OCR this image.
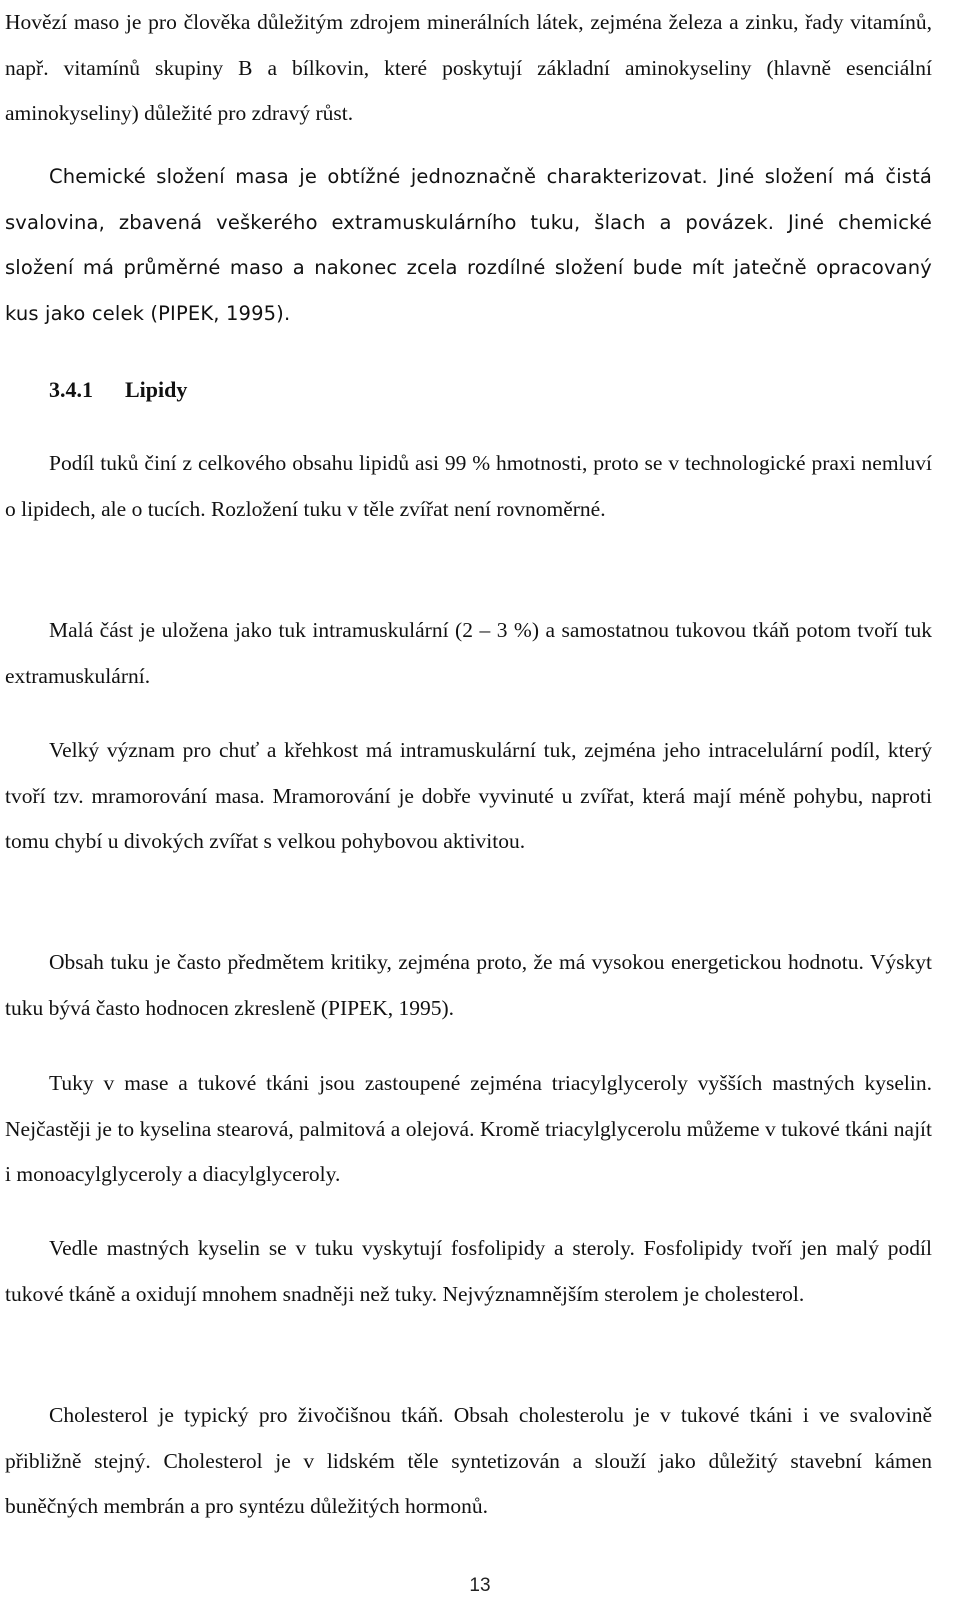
Hovězí maso je pro člověka důležitým zdrojem minerálních látek, zejména železa a zinku, řady vitamínů, např. vitamínů skupiny B a bílkovin, které poskytují základní aminokyseliny (hlavně esenciální aminokyseliny) důležité pro zdravý růst.

Chemické složení masa je obtížné jednoznačně charakterizovat. Jiné složení má čistá svalovina, zbavená veškerého extramuskulárního tuku, šlach a povázek. Jiné chemické složení má průměrné maso a nakonec zcela rozdílné složení bude mít jatečně opracovaný kus jako celek (PIPEK, 1995).

3.4.1 Lipidy

Podíl tuků činí z celkového obsahu lipidů asi 99 % hmotnosti, proto se v technologické praxi nemluví o lipidech, ale o tucích. Rozložení tuku v těle zvířat není rovnoměrné.

Malá část je uložena jako tuk intramuskulární (2 – 3 %) a samostatnou tukovou tkáň potom tvoří tuk extramuskulární.

Velký význam pro chuť a křehkost má intramuskulární tuk, zejména jeho intracelulární podíl, který tvoří tzv. mramorování masa. Mramorování je dobře vyvinuté u zvířat, která mají méně pohybu, naproti tomu chybí u divokých zvířat s velkou pohybovou aktivitou.

Obsah tuku je často předmětem kritiky, zejména proto, že má vysokou energetickou hodnotu. Výskyt tuku bývá často hodnocen zkresleně (PIPEK, 1995).

Tuky v mase a tukové tkáni jsou zastoupené zejména triacylglyceroly vyšších mastných kyselin. Nejčastěji je to kyselina stearová, palmitová a olejová. Kromě triacylglycerolu můžeme v tukové tkáni najít i monoacylglyceroly a diacylglyceroly.

Vedle mastných kyselin se v tuku vyskytují fosfolipidy a steroly. Fosfolipidy tvoří jen malý podíl tukové tkáně a oxidují mnohem snadněji než tuky. Nejvýznamnějším sterolem je cholesterol.

Cholesterol je typický pro živočišnou tkáň. Obsah cholesterolu je v tukové tkáni i ve svalovině přibližně stejný. Cholesterol je v lidském těle syntetizován a slouží jako důležitý stavební kámen buněčných membrán a pro syntézu důležitých hormonů.

13
